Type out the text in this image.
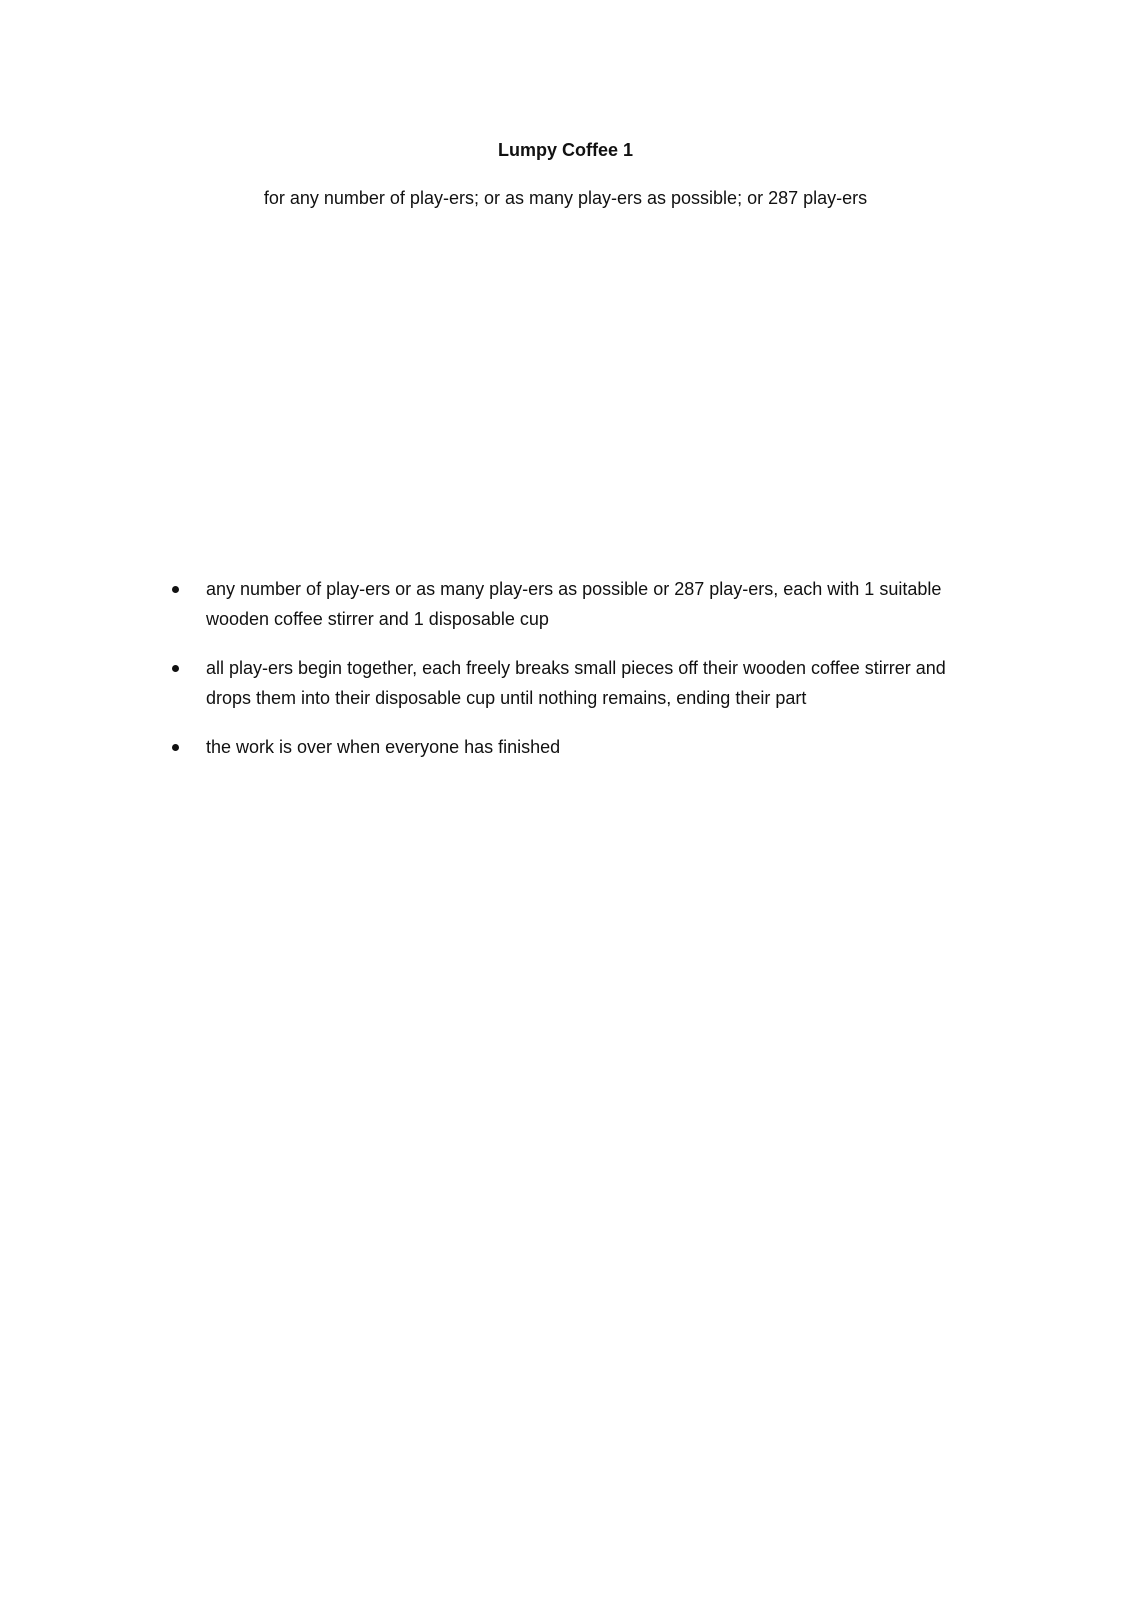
Lumpy Coffee 1

for any number of play-ers; or as many play-ers as possible; or 287 play-ers

any number of play-ers or as many play-ers as possible or 287 play-ers, each with 1 suitable wooden coffee stirrer and 1 disposable cup
all play-ers begin together, each freely breaks small pieces off their wooden coffee stirrer and drops them into their disposable cup until nothing remains, ending their part
the work is over when everyone has finished
